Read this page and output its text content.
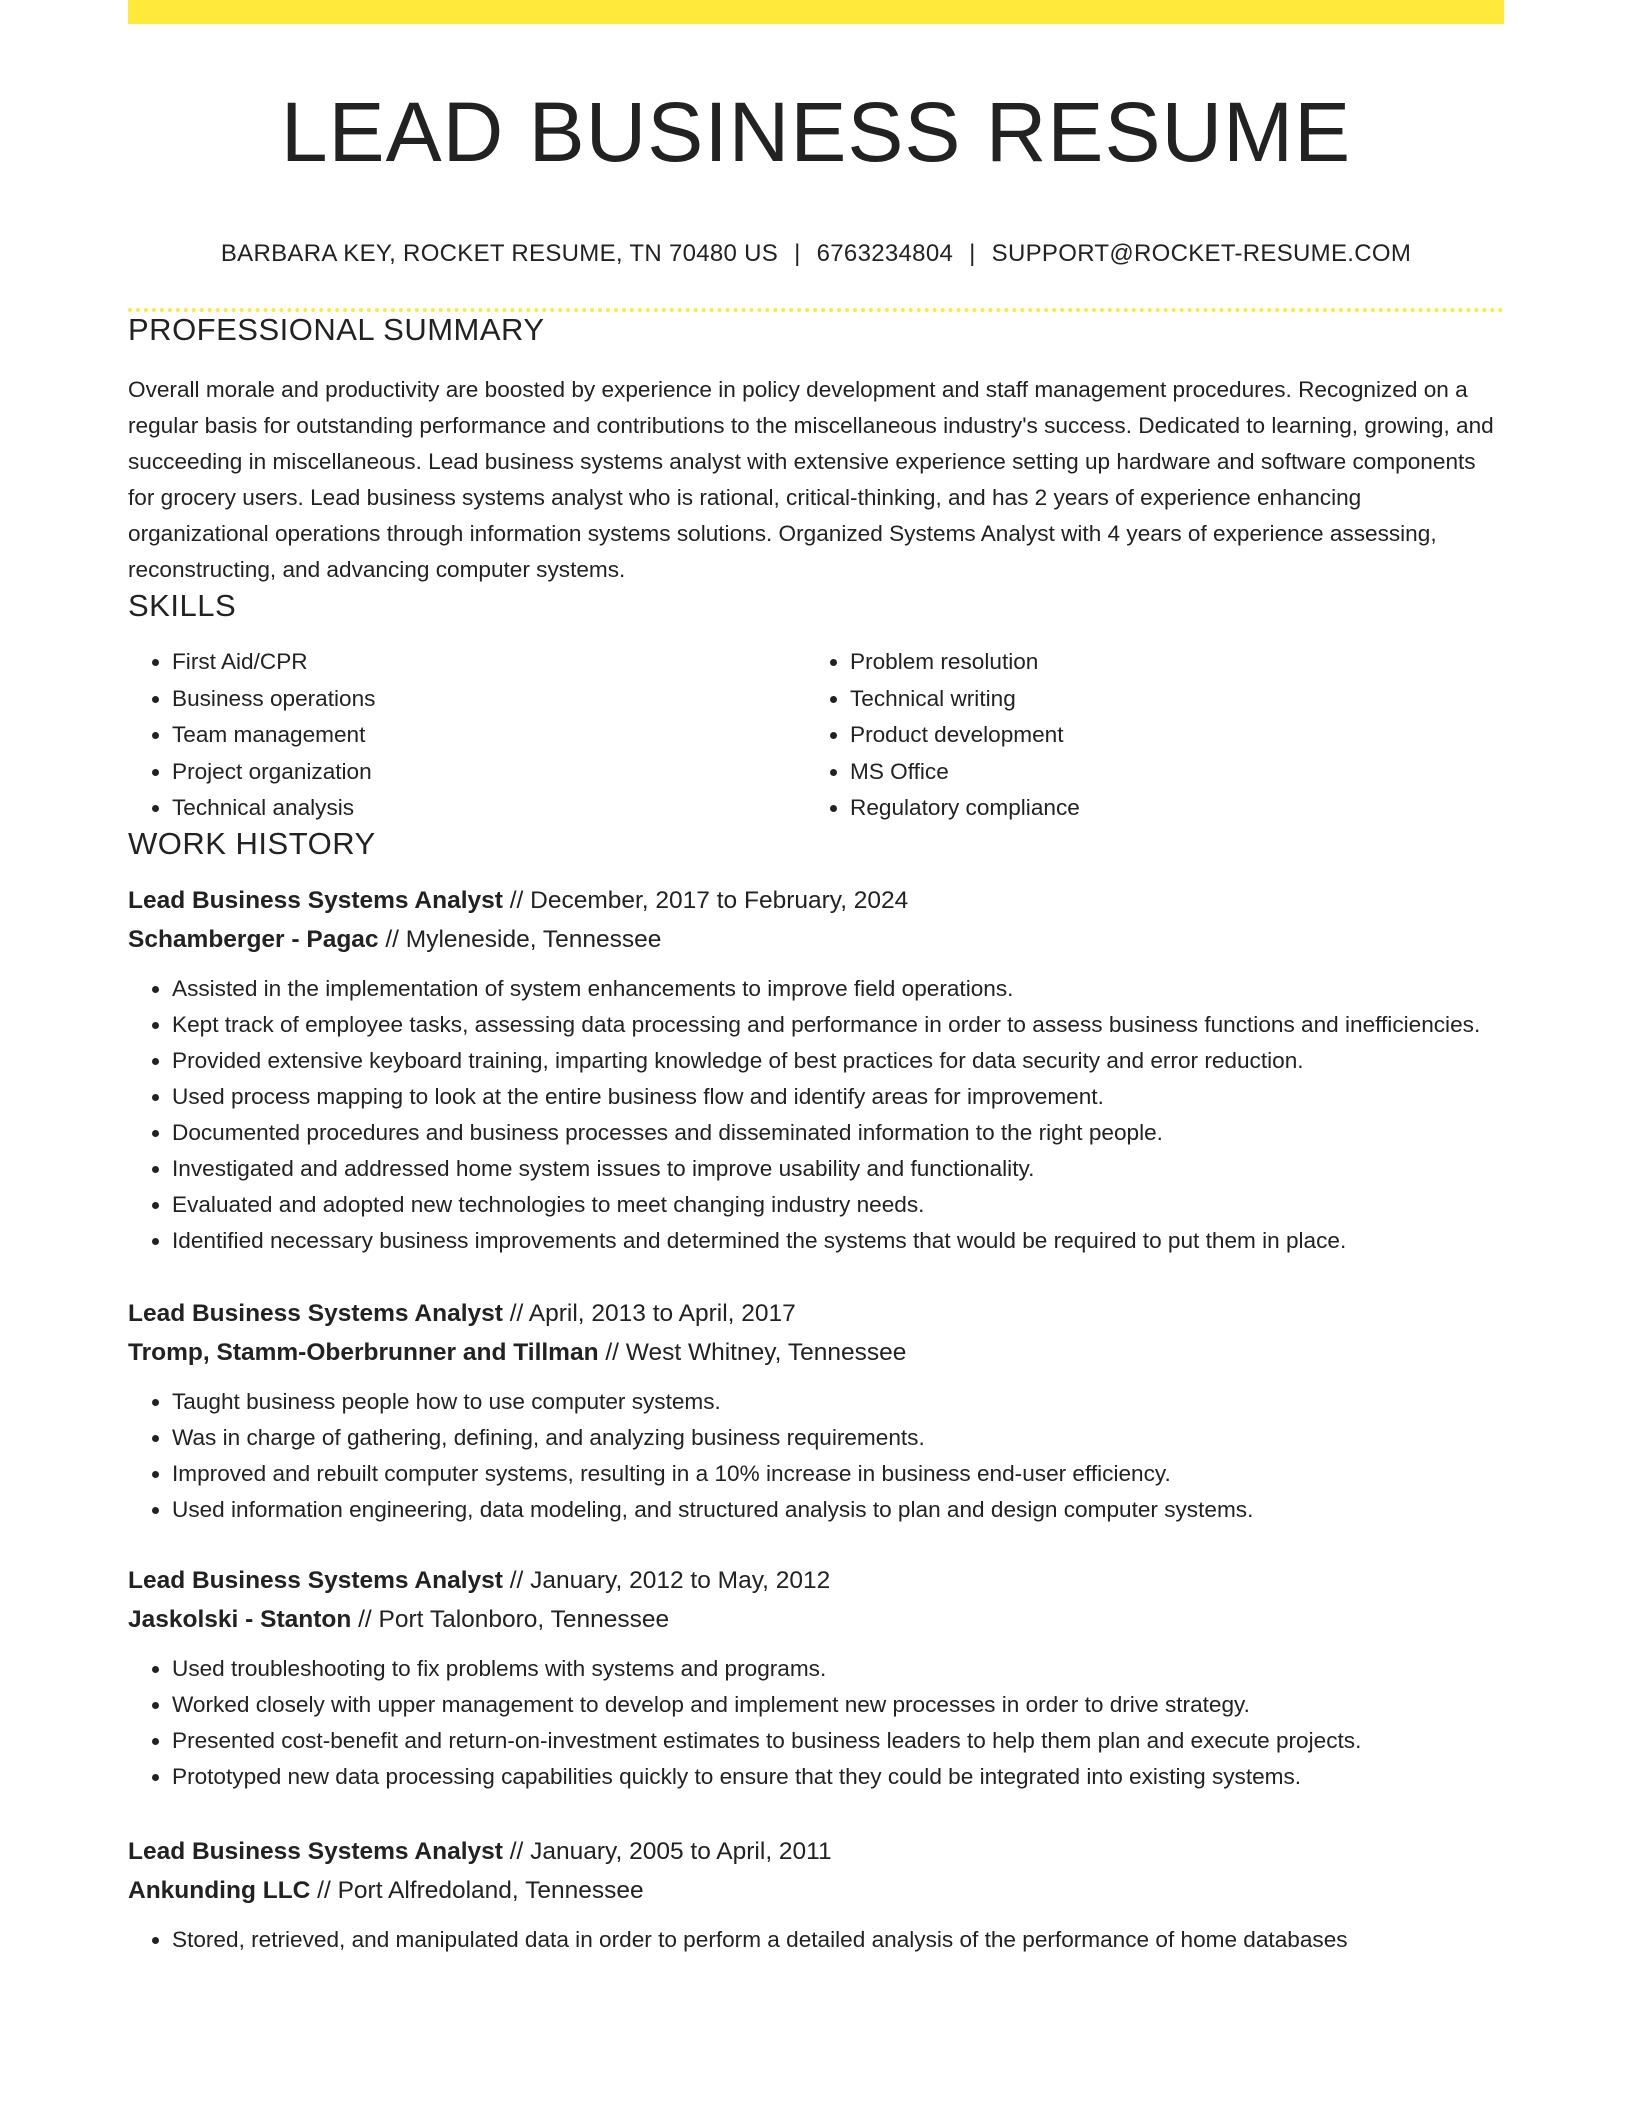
LEAD BUSINESS RESUME
BARBARA KEY, ROCKET RESUME, TN 70480 US | 6763234804 | SUPPORT@ROCKET-RESUME.COM
PROFESSIONAL SUMMARY
Overall morale and productivity are boosted by experience in policy development and staff management procedures. Recognized on a regular basis for outstanding performance and contributions to the miscellaneous industry's success. Dedicated to learning, growing, and succeeding in miscellaneous. Lead business systems analyst with extensive experience setting up hardware and software components for grocery users. Lead business systems analyst who is rational, critical-thinking, and has 2 years of experience enhancing organizational operations through information systems solutions. Organized Systems Analyst with 4 years of experience assessing, reconstructing, and advancing computer systems.
SKILLS
• First Aid/CPR
• Business operations
• Team management
• Project organization
• Technical analysis
• Problem resolution
• Technical writing
• Product development
• MS Office
• Regulatory compliance
WORK HISTORY
Lead Business Systems Analyst // December, 2017 to February, 2024
Schamberger - Pagac // Myleneside, Tennessee
• Assisted in the implementation of system enhancements to improve field operations.
• Kept track of employee tasks, assessing data processing and performance in order to assess business functions and inefficiencies.
• Provided extensive keyboard training, imparting knowledge of best practices for data security and error reduction.
• Used process mapping to look at the entire business flow and identify areas for improvement.
• Documented procedures and business processes and disseminated information to the right people.
• Investigated and addressed home system issues to improve usability and functionality.
• Evaluated and adopted new technologies to meet changing industry needs.
• Identified necessary business improvements and determined the systems that would be required to put them in place.
Lead Business Systems Analyst // April, 2013 to April, 2017
Tromp, Stamm-Oberbrunner and Tillman // West Whitney, Tennessee
• Taught business people how to use computer systems.
• Was in charge of gathering, defining, and analyzing business requirements.
• Improved and rebuilt computer systems, resulting in a 10% increase in business end-user efficiency.
• Used information engineering, data modeling, and structured analysis to plan and design computer systems.
Lead Business Systems Analyst // January, 2012 to May, 2012
Jaskolski - Stanton // Port Talonboro, Tennessee
• Used troubleshooting to fix problems with systems and programs.
• Worked closely with upper management to develop and implement new processes in order to drive strategy.
• Presented cost-benefit and return-on-investment estimates to business leaders to help them plan and execute projects.
• Prototyped new data processing capabilities quickly to ensure that they could be integrated into existing systems.
Lead Business Systems Analyst // January, 2005 to April, 2011
Ankunding LLC // Port Alfredoland, Tennessee
• Stored, retrieved, and manipulated data in order to perform a detailed analysis of the performance of home databases
